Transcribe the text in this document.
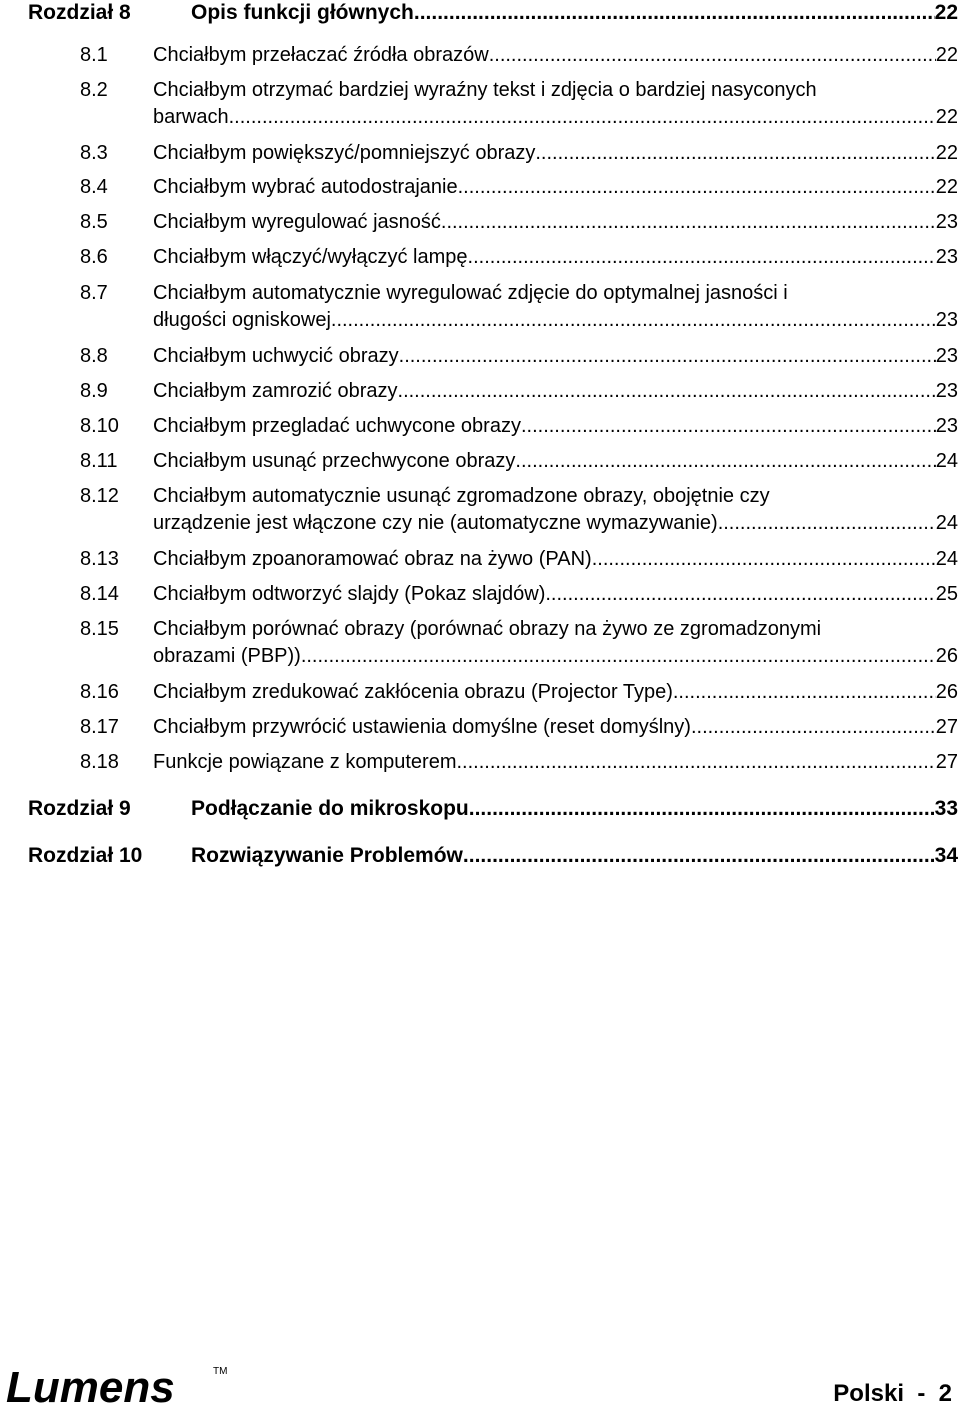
Rozdział 8	Opis funkcji głównych .....	22
8.1 Chciałbym przełaczać źródła obrazów .....	22
8.2 Chciałbym otrzymać bardziej wyraźny tekst i zdjęcia o bardziej nasyconych
barwach .....	22
8.3 Chciałbym powiększyć/pomniejszyć obrazy .....	22
8.4 Chciałbym wybrać autodostrajanie .....	22
8.5 Chciałbym wyregulować jasność .....	23
8.6 Chciałbym włączyć/wyłączyć lampę .....	23
8.7 Chciałbym automatycznie wyregulować zdjęcie do optymalnej jasności i
długości ogniskowej .....	23
8.8 Chciałbym uchwycić obrazy .....	23
8.9 Chciałbym zamrozić obrazy .....	23
8.10 Chciałbym przegladać uchwycone obrazy .....	23
8.11 Chciałbym usunąć przechwycone obrazy .....	24
8.12 Chciałbym automatycznie usunąć zgromadzone obrazy, obojętnie czy
urządzenie jest włączone czy nie (automatyczne wymazywanie) .....	24
8.13 Chciałbym zpoanoramować obraz na żywo (PAN) .....	24
8.14 Chciałbym odtworzyć slajdy (Pokaz slajdów) .....	25
8.15 Chciałbym porównać obrazy (porównać obrazy na żywo ze zgromadzonymi
obrazami (PBP)) .....	26
8.16 Chciałbym zredukować zakłócenia obrazu (Projector Type) .....	26
8.17 Chciałbym przywrócić ustawienia domyślne (reset domyślny) .....	27
8.18 Funkcje powiązane z komputerem .....	27
Rozdział 9	Podłączanie do mikroskopu .....	33
Rozdział 10 Rozwiązywanie Problemów .....	34
Lumens	TM
Polski  -  2
